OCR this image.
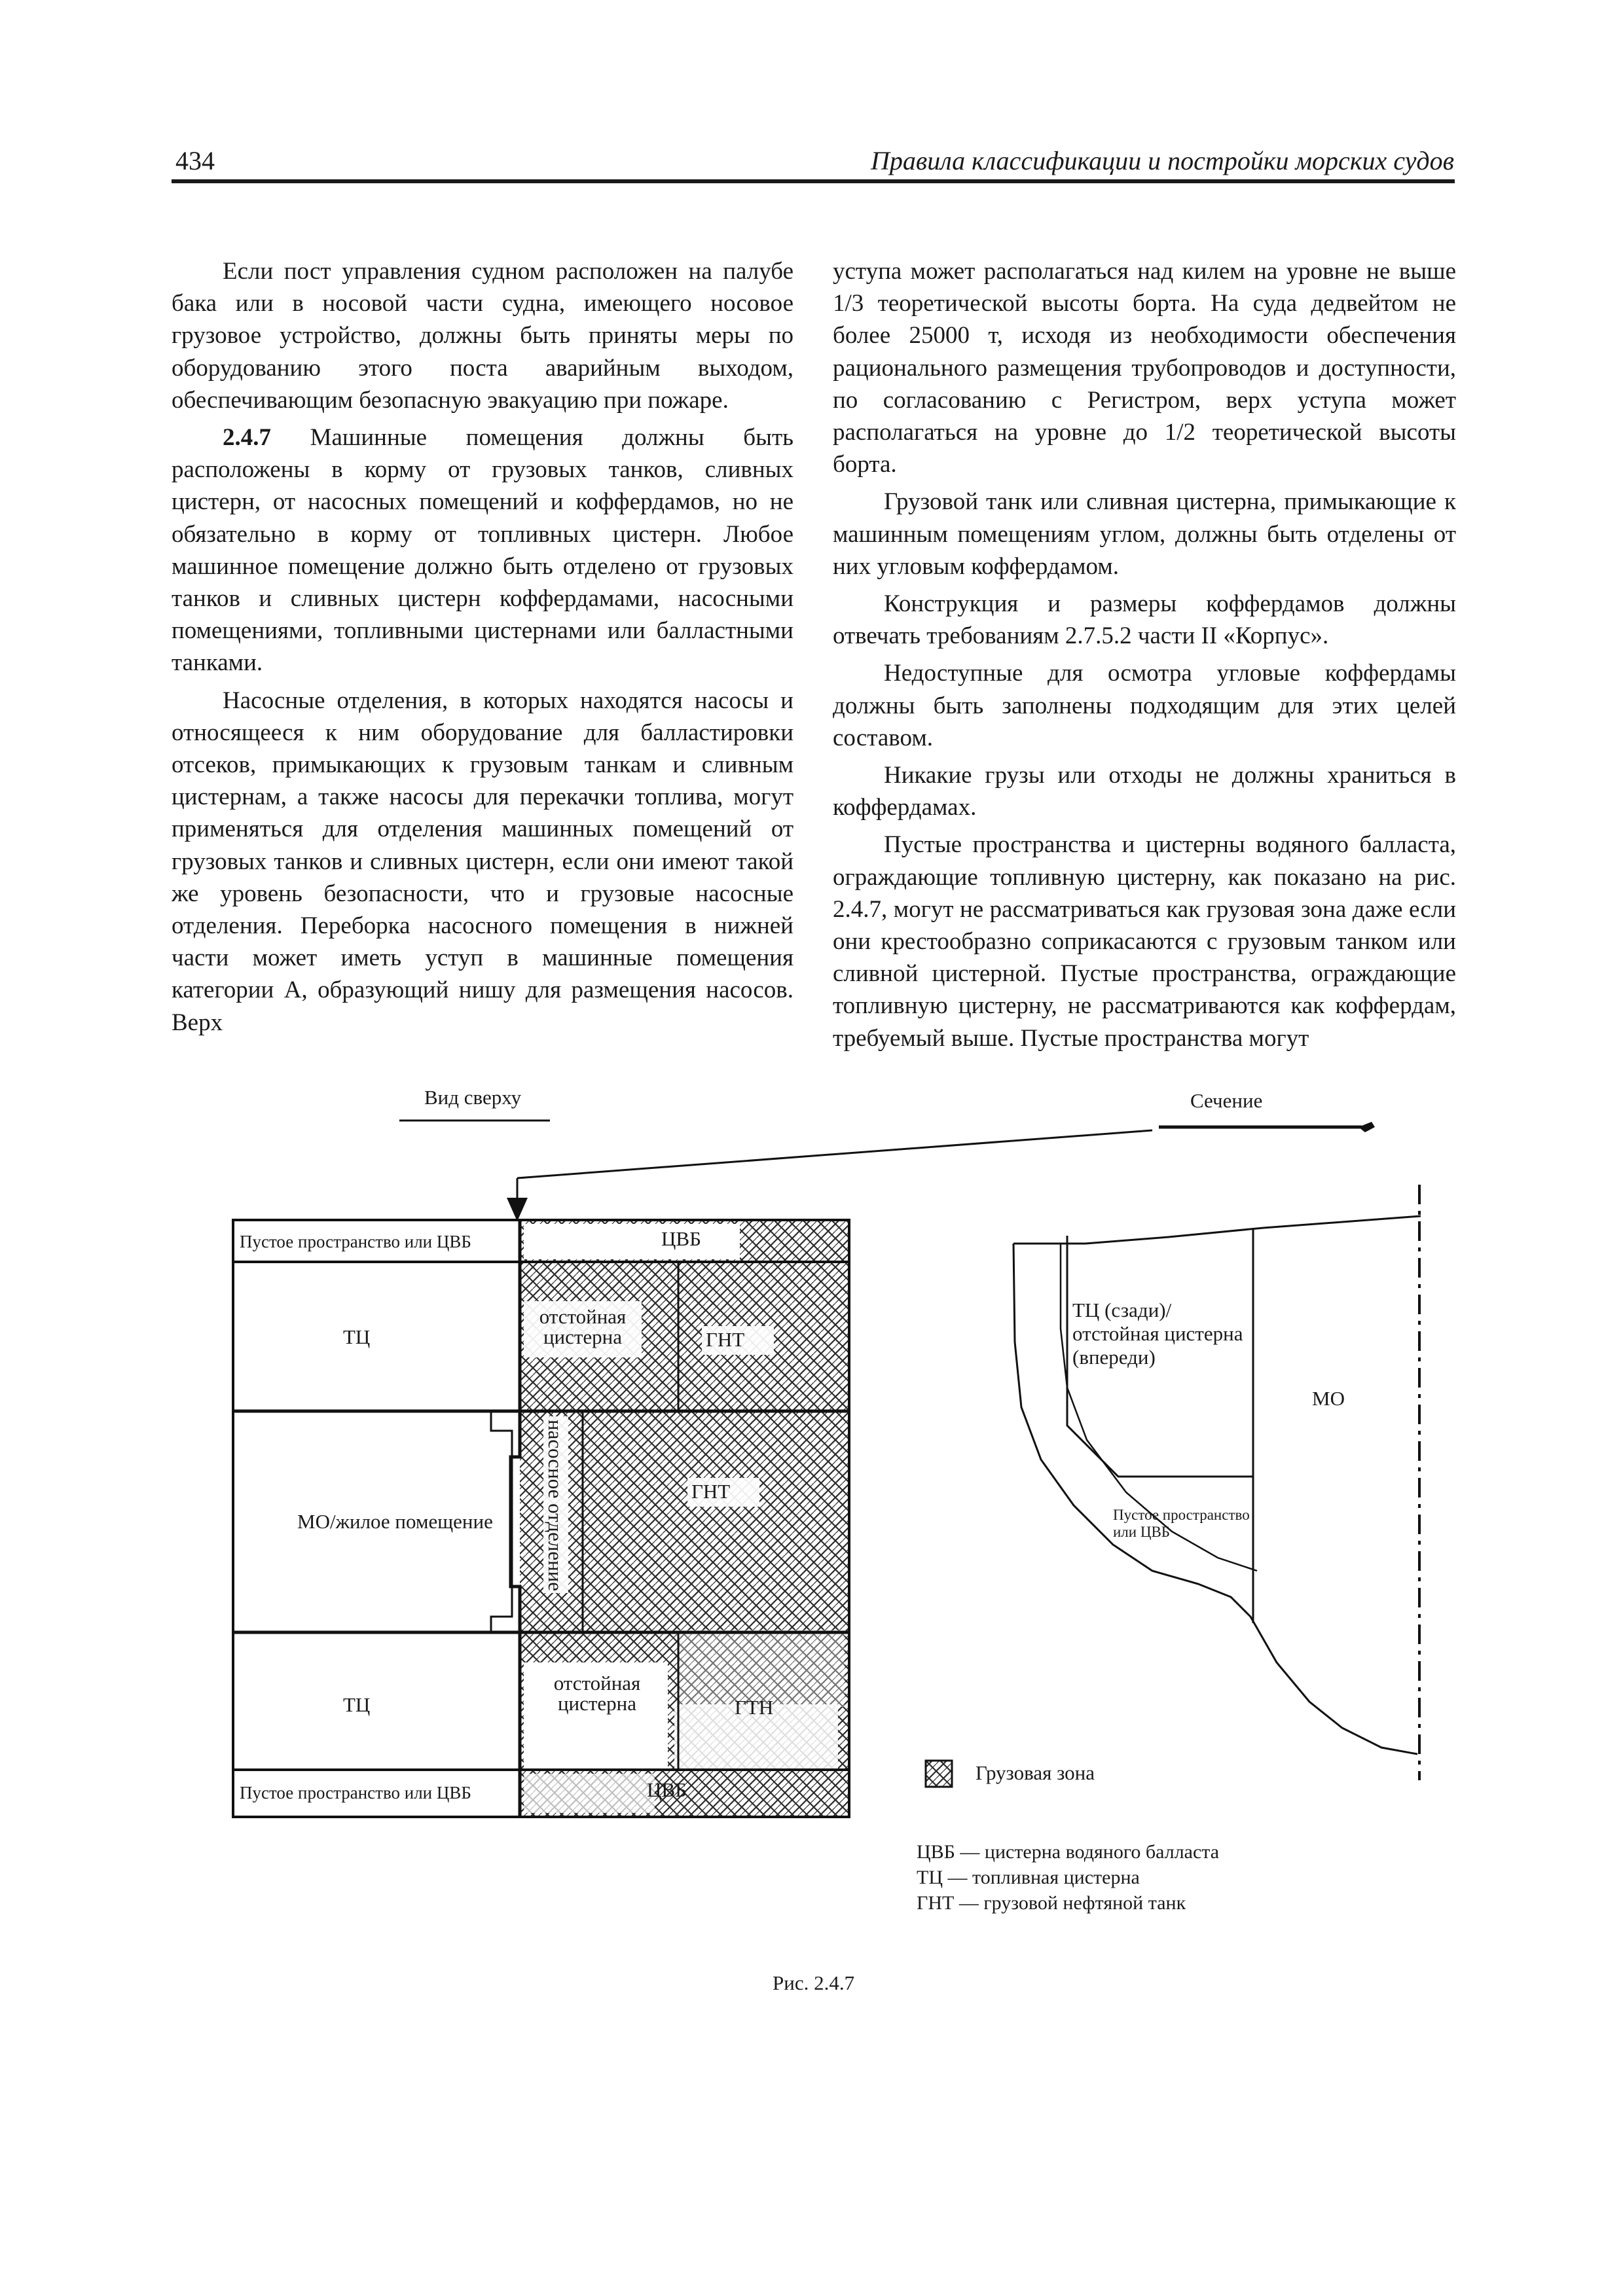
434	Правила классификации и постройки морских судов

Если пост управления судном расположен на палубе бака или в носовой части судна, имеющего носовое грузовое устройство, должны быть приняты меры по оборудованию этого поста аварийным выходом, обеспечивающим безопасную эвакуацию при пожаре.

2.4.7 Машинные помещения должны быть расположены в корму от грузовых танков, сливных цистерн, от насосных помещений и коффердамов, но не обязательно в корму от топливных цистерн. Любое машинное помещение должно быть отделено от грузовых танков и сливных цистерн коффердамами, насосными помещениями, топливными цистернами или балластными танками.

Насосные отделения, в которых находятся насосы и относящееся к ним оборудование для балластировки отсеков, примыкающих к грузовым танкам и сливным цистернам, а также насосы для перекачки топлива, могут применяться для отделения машинных помещений от грузовых танков и сливных цистерн, если они имеют такой же уровень безопасности, что и грузовые насосные отделения. Переборка насосного помещения в нижней части может иметь уступ в машинные помещения категории А, образующий нишу для размещения насосов. Верх

уступа может располагаться над килем на уровне не выше 1/3 теоретической высоты борта. На суда дедвейтом не более 25000 т, исходя из необходимости обеспечения рационального размещения трубопроводов и доступности, по согласованию с Регистром, верх уступа может располагаться на уровне до 1/2 теоретической высоты борта.

Грузовой танк или сливная цистерна, примыкающие к машинным помещениям углом, должны быть отделены от них угловым коффердамом.

Конструкция и размеры коффердамов должны отвечать требованиям 2.7.5.2 части II «Корпус».

Недоступные для осмотра угловые коффердамы должны быть заполнены подходящим для этих целей составом.

Никакие грузы или отходы не должны храниться в коффердамах.

Пустые пространства и цистерны водяного балласта, ограждающие топливную цистерну, как показано на рис. 2.4.7, могут не рассматриваться как грузовая зона даже если они крестообразно соприкасаются с грузовым танком или сливной цистерной. Пустые пространства, ограждающие топливную цистерну, не рассматриваются как коффердам, требуемый выше. Пустые пространства могут

Вид сверху	Сечение
Пустое пространство или ЦВБ	ЦВБ
ТЦ
отстойная цистерна	ГНТ
МО/жилое помещение	насосное отделение	ГНТ
ТЦ
отстойная цистерна	ГТН
Пустое пространство или ЦВБ	ЦВБ
ТЦ (сзади)/ отстойная цистерна (впереди)
МО
Пустое пространство или ЦВБ
Грузовая зона
ЦВБ — цистерна водяного балласта
ТЦ — топливная цистерна
ГНТ — грузовой нефтяной танк
Рис. 2.4.7
